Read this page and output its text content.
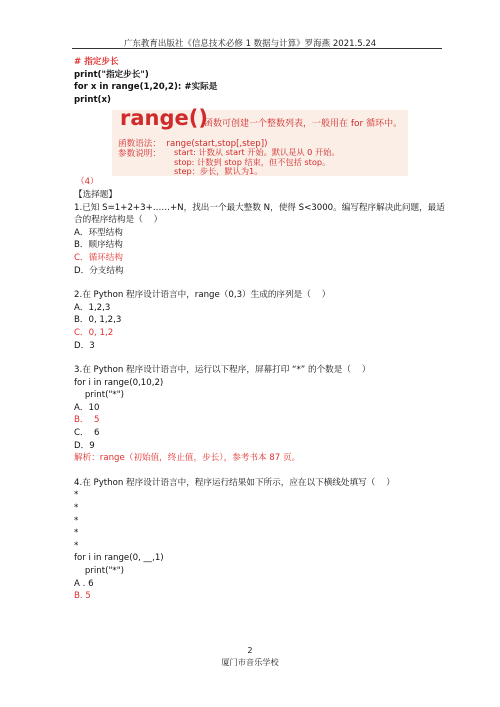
广东教育出版社《信息技术必修 1 数据与计算》罗海燕 2021.5.24
# 指定步长
print("指定步长")
for x in range(1,20,2): #实际是
print(x)

range()

函数可创建一个整数列表，一般用在 for 循环中。

函数语法：  range(start,stop[,step])
参数说明：

	start: 计数从 start 开始。默认是从 0 开始。
stop: 计数到 stop 结束，但不包括 stop。
step：步长，默认为1。

（4）
【选择题】
1.已知 S=1+2+3+……+N，找出一个最大整数 N，使得 S<3000。编写程序解决此问题，最适
合的程序结构是（    ）
A．环型结构
B．顺序结构
C．循环结构
D．分支结构
2.在 Python 程序设计语言中，range（0,3）生成的序列是（    ）
A．1,2,3
B．0, 1,2,3
C．0, 1,2
D．3
3.在 Python 程序设计语言中，运行以下程序，屏幕打印 “*” 的个数是（    ）
for i in range(0,10,2)
print("*")
A．10
B．  5
C．  6
D．9
解析：range（初始值，终止值，步长），参考书本 87 页。
4.在 Python 程序设计语言中，程序运行结果如下所示，应在以下横线处填写（    ）
*
*
*
*
*
for i in range(0, __,1)
print("*")
A . 6
B. 5
2
厦门市音乐学校
